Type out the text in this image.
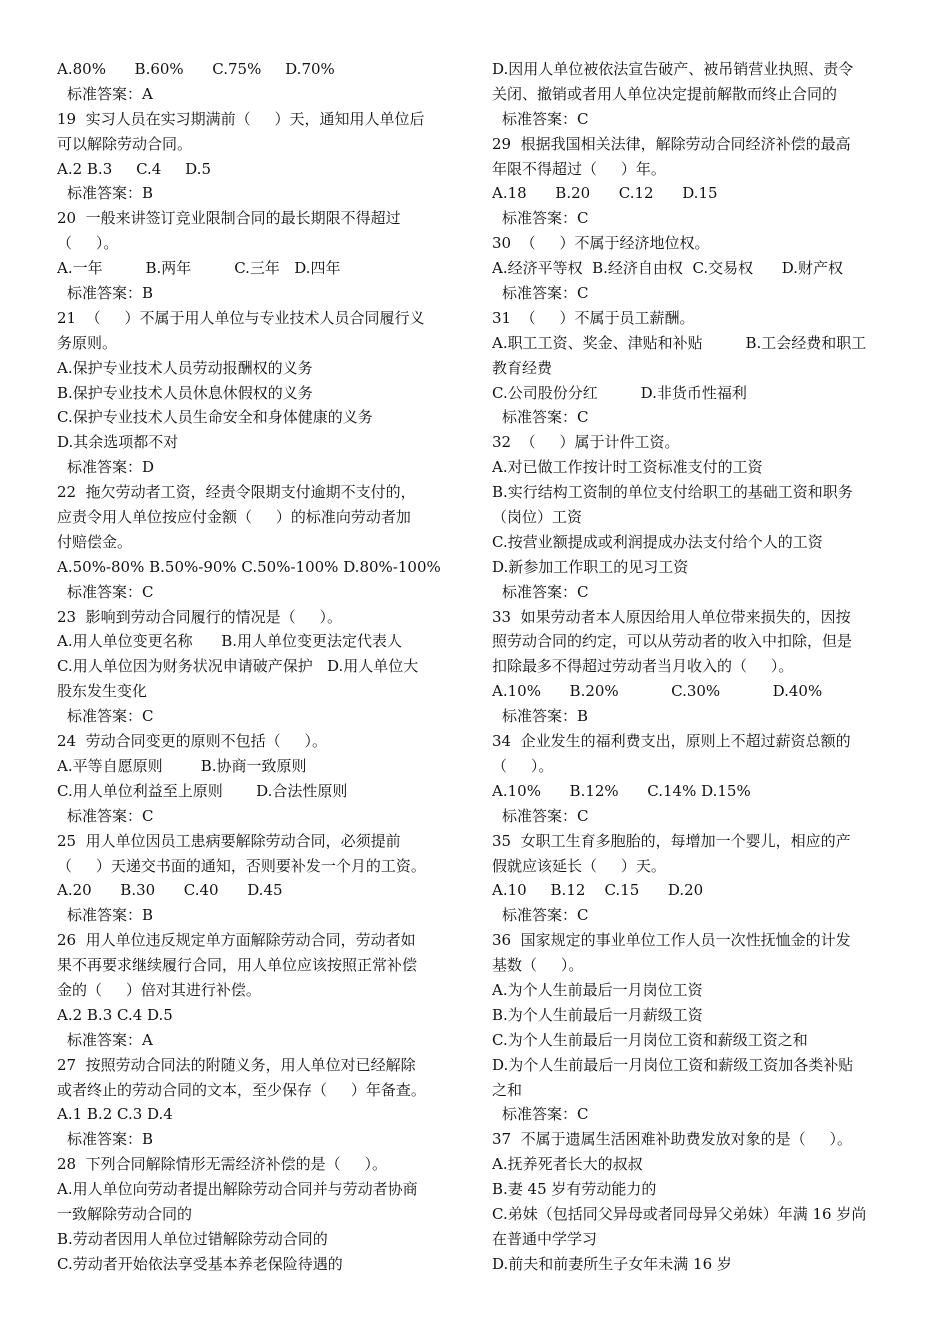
A.80%      B.60%      C.75%     D.70%
标准答案：A
19  实习人员在实习期满前（     ）天，通知用人单位后
可以解除劳动合同。
A.2 B.3     C.4     D.5
标准答案：B
20  一般来讲签订竞业限制合同的最长期限不得超过
（     ）。
A.一年         B.两年         C.三年   D.四年
标准答案：B
21  （     ）不属于用人单位与专业技术人员合同履行义
务原则。
A.保护专业技术人员劳动报酬权的义务
B.保护专业技术人员休息休假权的义务
C.保护专业技术人员生命安全和身体健康的义务
D.其余选项都不对
标准答案：D
22  拖欠劳动者工资，经责令限期支付逾期不支付的，
应责令用人单位按应付金额（     ）的标准向劳动者加
付赔偿金。
A.50%-80% B.50%-90% C.50%-100% D.80%-100%
标准答案：C
23  影响到劳动合同履行的情况是（     ）。
A.用人单位变更名称      B.用人单位变更法定代表人
C.用人单位因为财务状况申请破产保护   D.用人单位大
股东发生变化
标准答案：C
24  劳动合同变更的原则不包括（     ）。
A.平等自愿原则        B.协商一致原则
C.用人单位利益至上原则       D.合法性原则
标准答案：C
25  用人单位因员工患病要解除劳动合同，必须提前
（     ）天递交书面的通知，否则要补发一个月的工资。
A.20      B.30      C.40      D.45
标准答案：B
26  用人单位违反规定单方面解除劳动合同，劳动者如
果不再要求继续履行合同，用人单位应该按照正常补偿
金的（     ）倍对其进行补偿。
A.2 B.3 C.4 D.5
标准答案：A
27  按照劳动合同法的附随义务，用人单位对已经解除
或者终止的劳动合同的文本，至少保存（     ）年备查。
A.1 B.2 C.3 D.4
标准答案：B
28  下列合同解除情形无需经济补偿的是（     ）。
A.用人单位向劳动者提出解除劳动合同并与劳动者协商
一致解除劳动合同的
B.劳动者因用人单位过错解除劳动合同的
C.劳动者开始依法享受基本养老保险待遇的
D.因用人单位被依法宣告破产、被吊销营业执照、责令
关闭、撤销或者用人单位决定提前解散而终止合同的
标准答案：C
29  根据我国相关法律，解除劳动合同经济补偿的最高
年限不得超过（     ）年。
A.18      B.20      C.12      D.15
标准答案：C
30  （     ）不属于经济地位权。
A.经济平等权  B.经济自由权  C.交易权      D.财产权
标准答案：C
31  （     ）不属于员工薪酬。
A.职工工资、奖金、津贴和补贴         B.工会经费和职工
教育经费
C.公司股份分红         D.非货币性福利
标准答案：C
32  （     ）属于计件工资。
A.对已做工作按计时工资标准支付的工资
B.实行结构工资制的单位支付给职工的基础工资和职务
（岗位）工资
C.按营业额提成或利润提成办法支付给个人的工资
D.新参加工作职工的见习工资
标准答案：C
33  如果劳动者本人原因给用人单位带来损失的，因按
照劳动合同的约定，可以从劳动者的收入中扣除，但是
扣除最多不得超过劳动者当月收入的（     ）。
A.10%      B.20%           C.30%           D.40%
标准答案：B
34  企业发生的福利费支出，原则上不超过薪资总额的
（     ）。
A.10%      B.12%      C.14% D.15%
标准答案：C
35  女职工生育多胞胎的，每增加一个婴儿，相应的产
假就应该延长（     ）天。
A.10     B.12    C.15      D.20
标准答案：C
36  国家规定的事业单位工作人员一次性抚恤金的计发
基数（     ）。
A.为个人生前最后一月岗位工资
B.为个人生前最后一月薪级工资
C.为个人生前最后一月岗位工资和薪级工资之和
D.为个人生前最后一月岗位工资和薪级工资加各类补贴
之和
标准答案：C
37  不属于遗属生活困难补助费发放对象的是（     ）。
A.抚养死者长大的叔叔
B.妻 45 岁有劳动能力的
C.弟妹（包括同父异母或者同母异父弟妹）年满 16 岁尚
在普通中学学习
D.前夫和前妻所生子女年未满 16 岁
